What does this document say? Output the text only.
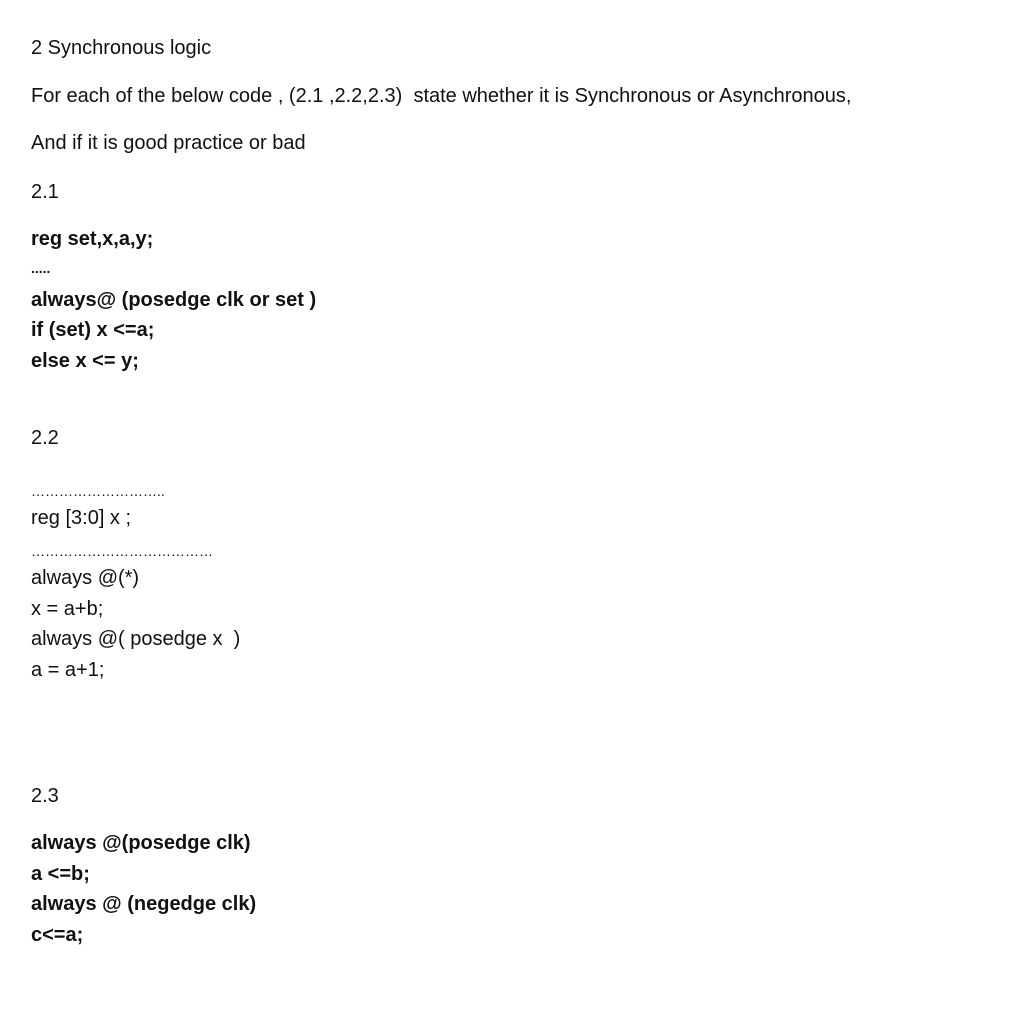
2 Synchronous logic
For each of the below code , (2.1 ,2.2,2.3)  state whether it is Synchronous or Asynchronous,
And if it is good practice or bad
2.1
reg set,x,a,y;
.....
always@ (posedge clk or set )
if (set) x <=a;
else x <= y;
2.2
………………………..
reg [3:0] x ;
…………………………………
always @(*)
x = a+b;
always @( posedge x  )
a = a+1;
2.3
always @(posedge clk)
a <=b;
always @ (negedge clk)
c<=a;
